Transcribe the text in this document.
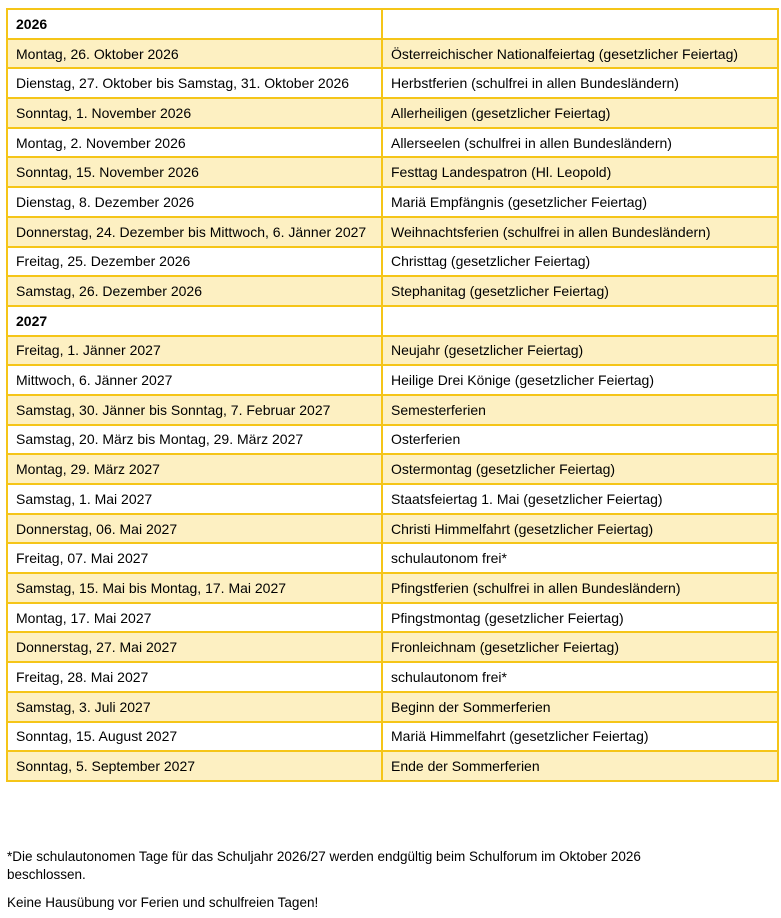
2026	
Montag, 26. Oktober 2026	Österreichischer Nationalfeiertag (gesetzlicher Feiertag)
Dienstag, 27. Oktober bis Samstag, 31. Oktober 2026	Herbstferien (schulfrei in allen Bundesländern)
Sonntag, 1. November 2026	Allerheiligen (gesetzlicher Feiertag)
Montag, 2. November 2026	Allerseelen (schulfrei in allen Bundesländern)
Sonntag, 15. November 2026	Festtag Landespatron (Hl. Leopold)
Dienstag, 8. Dezember 2026	Mariä Empfängnis (gesetzlicher Feiertag)
Donnerstag, 24. Dezember bis Mittwoch, 6. Jänner 2027	Weihnachtsferien (schulfrei in allen Bundesländern)
Freitag, 25. Dezember 2026	Christtag (gesetzlicher Feiertag)
Samstag, 26. Dezember 2026	Stephanitag (gesetzlicher Feiertag)
2027	
Freitag, 1. Jänner 2027	Neujahr (gesetzlicher Feiertag)
Mittwoch, 6. Jänner 2027	Heilige Drei Könige (gesetzlicher Feiertag)
Samstag, 30. Jänner bis Sonntag, 7. Februar 2027	Semesterferien
Samstag, 20. März bis Montag, 29. März 2027	Osterferien
Montag, 29. März 2027	Ostermontag (gesetzlicher Feiertag)
Samstag, 1. Mai 2027	Staatsfeiertag 1. Mai (gesetzlicher Feiertag)
Donnerstag, 06. Mai 2027	Christi Himmelfahrt (gesetzlicher Feiertag)
Freitag, 07. Mai 2027	schulautonom frei*
Samstag, 15. Mai bis Montag, 17. Mai 2027	Pfingstferien (schulfrei in allen Bundesländern)
Montag, 17. Mai 2027	Pfingstmontag (gesetzlicher Feiertag)
Donnerstag, 27. Mai 2027	Fronleichnam (gesetzlicher Feiertag)
Freitag, 28. Mai 2027	schulautonom frei*
Samstag, 3. Juli 2027	Beginn der Sommerferien
Sonntag, 15. August 2027	Mariä Himmelfahrt (gesetzlicher Feiertag)
Sonntag, 5. September 2027	Ende der Sommerferien

*Die schulautonomen Tage für das Schuljahr 2026/27 werden endgültig beim Schulforum im Oktober 2026 beschlossen.

Keine Hausübung vor Ferien und schulfreien Tagen!
